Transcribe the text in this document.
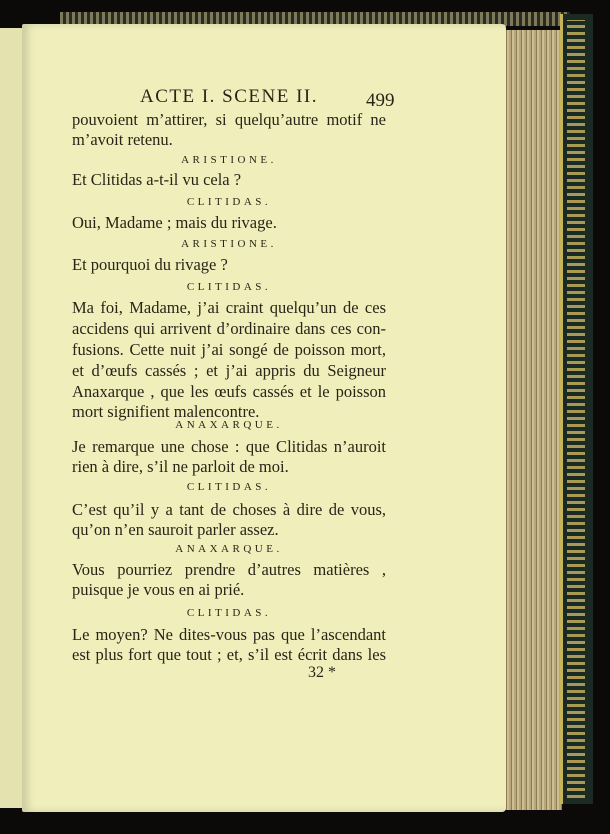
ACTE I. SCENE II.	499
pouvoient m’attirer, si quelqu’autre motif ne
m’avoit retenu.
ARISTIONE.
Et Clitidas a-t-il vu cela ?
CLITIDAS.
Oui, Madame ; mais du rivage.
ARISTIONE.
Et pourquoi du rivage ?
CLITIDAS.
Ma foi, Madame, j’ai craint quelqu’un de ces
accidens qui arrivent d’ordinaire dans ces con-
fusions. Cette nuit j’ai songé de poisson mort,
et d’œufs cassés ; et j’ai appris du Seigneur
Anaxarque , que les œufs cassés et le poisson
mort signifient malencontre.
ANAXARQUE.
Je remarque une chose : que Clitidas n’auroit
rien à dire, s’il ne parloit de moi.
CLITIDAS.
C’est qu’il y a tant de choses à dire de vous,
qu’on n’en sauroit parler assez.
ANAXARQUE.
Vous pourriez prendre d’autres matières ,
puisque je vous en ai prié.
CLITIDAS.
Le moyen? Ne dites-vous pas que l’ascendant
est plus fort que tout ; et, s’il est écrit dans les
32 *
